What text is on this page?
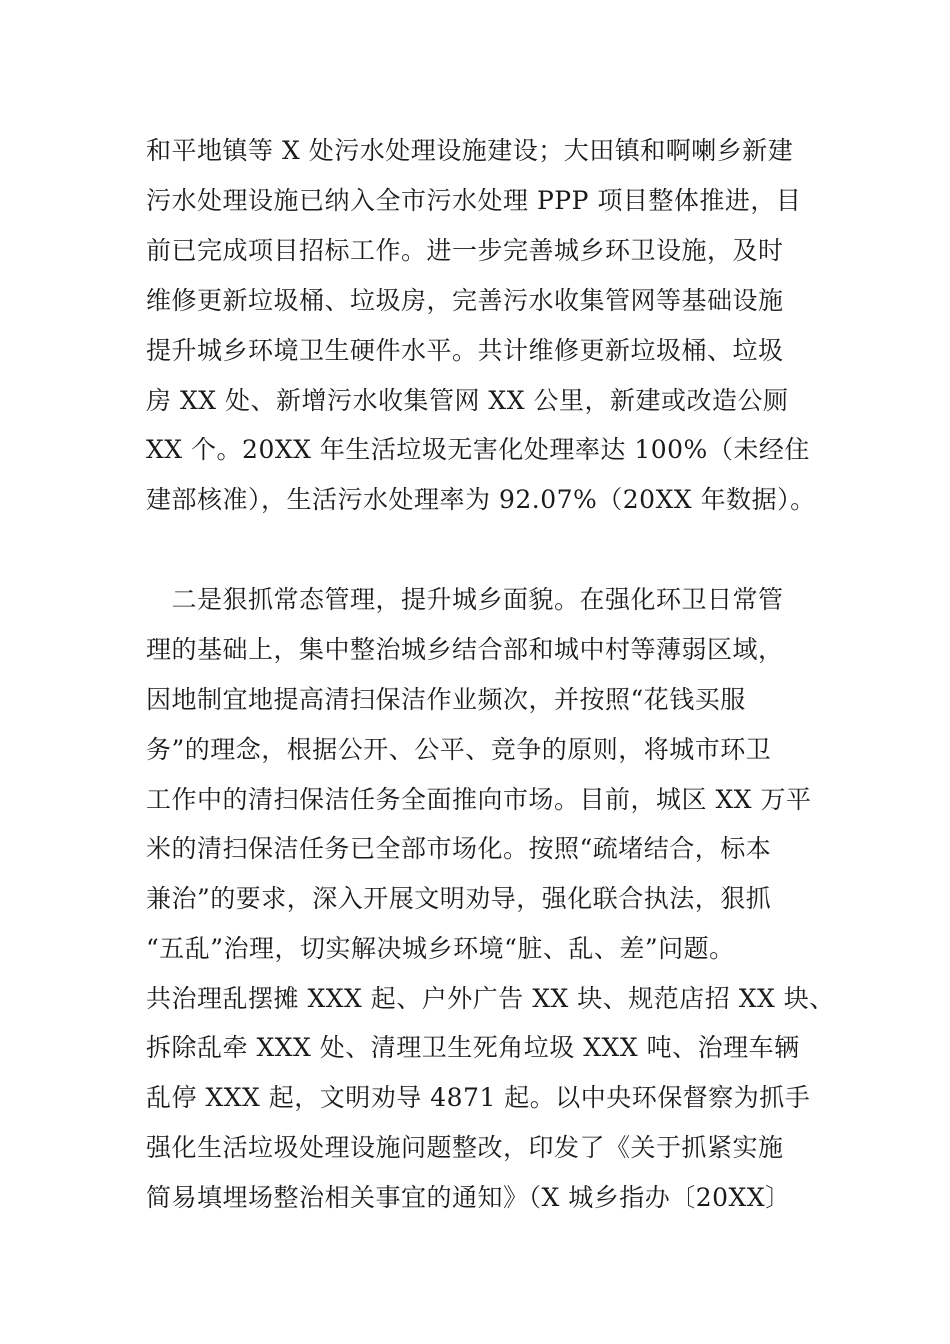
和平地镇等 X 处污水处理设施建设；大田镇和啊喇乡新建
污水处理设施已纳入全市污水处理 PPP 项目整体推进，目
前已完成项目招标工作。进一步完善城乡环卫设施，及时
维修更新垃圾桶、垃圾房，完善污水收集管网等基础设施
提升城乡环境卫生硬件水平。共计维修更新垃圾桶、垃圾
房 XX 处、新增污水收集管网 XX 公里，新建或改造公厕
XX 个。20XX 年生活垃圾无害化处理率达 100%（未经住
建部核准），生活污水处理率为 92.07%（20XX 年数据）。
　二是狠抓常态管理，提升城乡面貌。在强化环卫日常管
理的基础上，集中整治城乡结合部和城中村等薄弱区域，
因地制宜地提高清扫保洁作业频次，并按照“花钱买服
务”的理念，根据公开、公平、竞争的原则，将城市环卫
工作中的清扫保洁任务全面推向市场。目前，城区 XX 万平
米的清扫保洁任务已全部市场化。按照“疏堵结合，标本
兼治”的要求，深入开展文明劝导，强化联合执法，狠抓
“五乱”治理，切实解决城乡环境“脏、乱、差”问题。
共治理乱摆摊 XXX 起、户外广告 XX 块、规范店招 XX 块、
拆除乱牵 XXX 处、清理卫生死角垃圾 XXX 吨、治理车辆
乱停 XXX 起，文明劝导 4871 起。以中央环保督察为抓手
强化生活垃圾处理设施问题整改，印发了《关于抓紧实施
简易填埋场整治相关事宜的通知》（X 城乡指办〔20XX〕
